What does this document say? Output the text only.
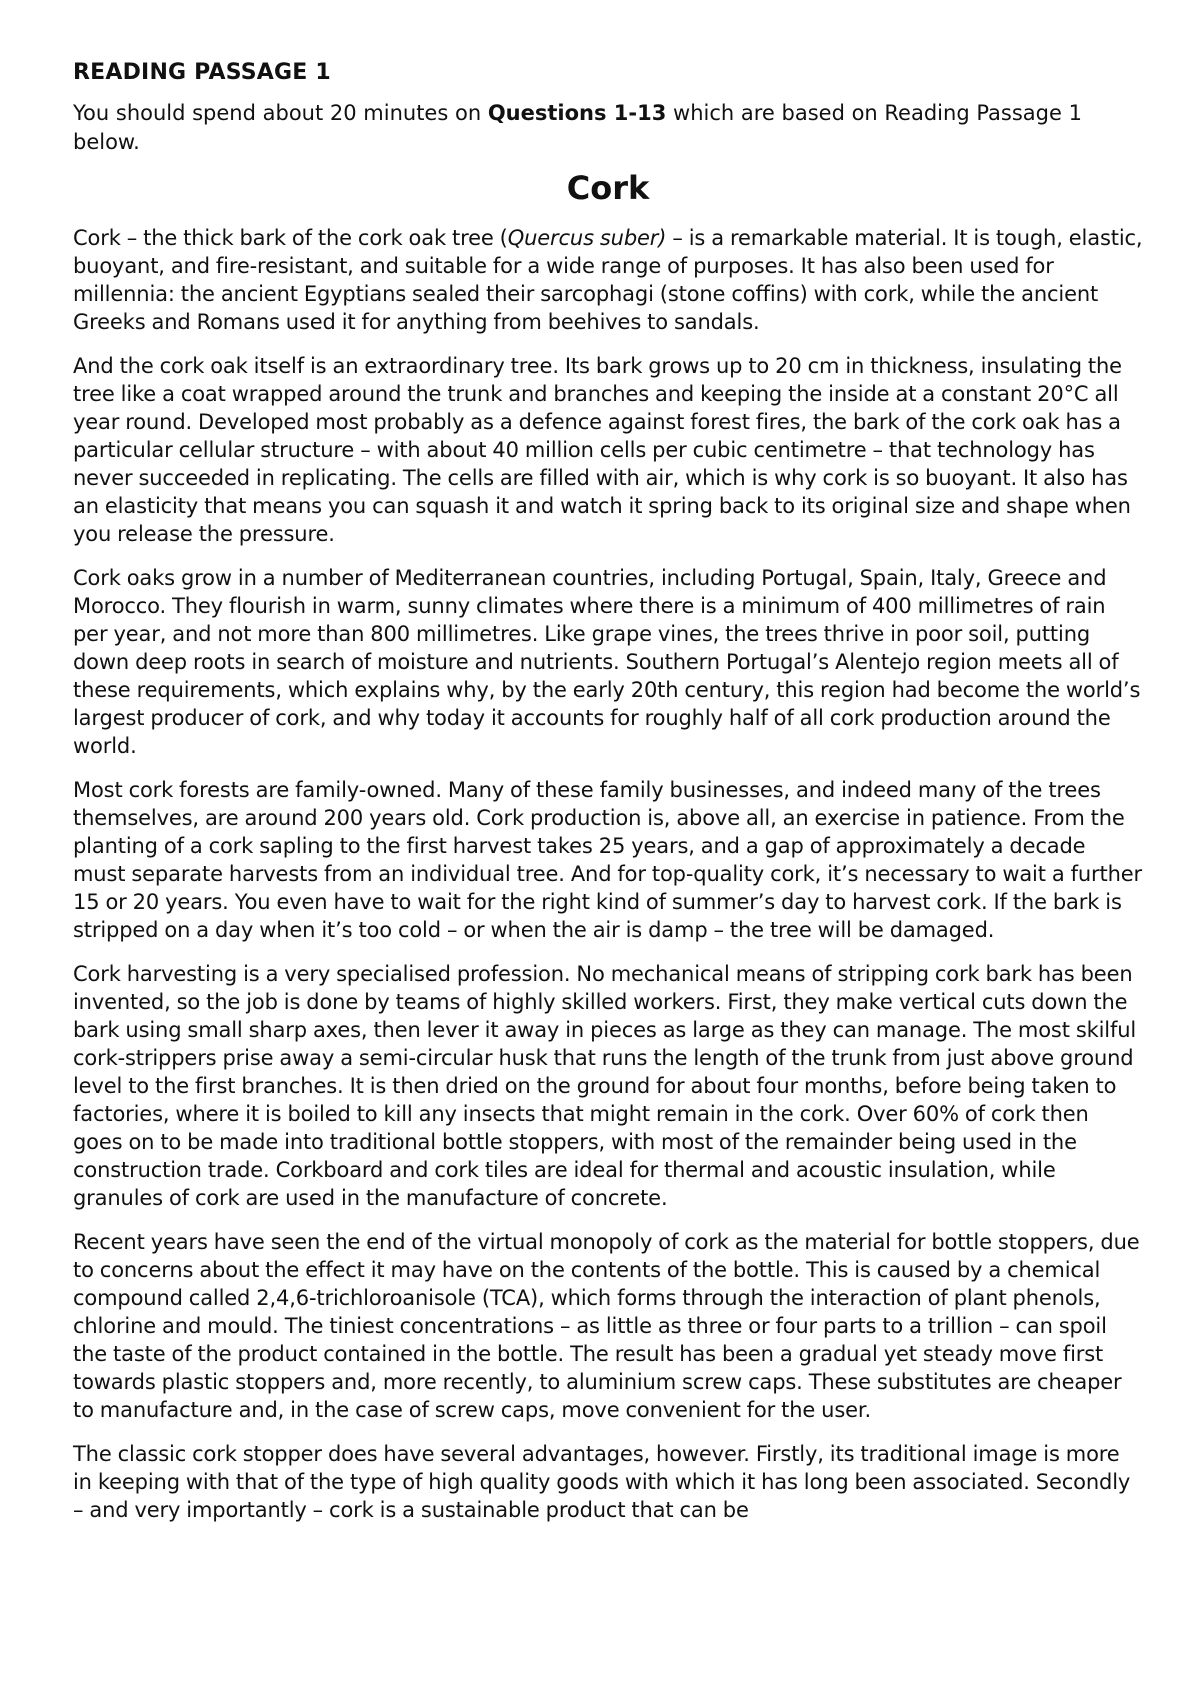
READING PASSAGE 1

You should spend about 20 minutes on Questions 1-13 which are based on Reading Passage 1 below.

Cork

Cork – the thick bark of the cork oak tree (Quercus suber) – is a remarkable material. It is tough, elastic, buoyant, and fire-resistant, and suitable for a wide range of purposes. It has also been used for millennia: the ancient Egyptians sealed their sarcophagi (stone coffins) with cork, while the ancient Greeks and Romans used it for anything from beehives to sandals.

And the cork oak itself is an extraordinary tree. Its bark grows up to 20 cm in thickness, insulating the tree like a coat wrapped around the trunk and branches and keeping the inside at a constant 20°C all year round. Developed most probably as a defence against forest fires, the bark of the cork oak has a particular cellular structure – with about 40 million cells per cubic centimetre – that technology has never succeeded in replicating. The cells are filled with air, which is why cork is so buoyant. It also has an elasticity that means you can squash it and watch it spring back to its original size and shape when you release the pressure.

Cork oaks grow in a number of Mediterranean countries, including Portugal, Spain, Italy, Greece and Morocco. They flourish in warm, sunny climates where there is a minimum of 400 millimetres of rain per year, and not more than 800 millimetres. Like grape vines, the trees thrive in poor soil, putting down deep roots in search of moisture and nutrients. Southern Portugal’s Alentejo region meets all of these requirements, which explains why, by the early 20th century, this region had become the world’s largest producer of cork, and why today it accounts for roughly half of all cork production around the world.

Most cork forests are family-owned. Many of these family businesses, and indeed many of the trees themselves, are around 200 years old. Cork production is, above all, an exercise in patience. From the planting of a cork sapling to the first harvest takes 25 years, and a gap of approximately a decade must separate harvests from an individual tree. And for top-quality cork, it’s necessary to wait a further 15 or 20 years. You even have to wait for the right kind of summer’s day to harvest cork. If the bark is stripped on a day when it’s too cold – or when the air is damp – the tree will be damaged.

Cork harvesting is a very specialised profession. No mechanical means of stripping cork bark has been invented, so the job is done by teams of highly skilled workers. First, they make vertical cuts down the bark using small sharp axes, then lever it away in pieces as large as they can manage. The most skilful cork-strippers prise away a semi-circular husk that runs the length of the trunk from just above ground level to the first branches. It is then dried on the ground for about four months, before being taken to factories, where it is boiled to kill any insects that might remain in the cork. Over 60% of cork then goes on to be made into traditional bottle stoppers, with most of the remainder being used in the construction trade. Corkboard and cork tiles are ideal for thermal and acoustic insulation, while granules of cork are used in the manufacture of concrete.

Recent years have seen the end of the virtual monopoly of cork as the material for bottle stoppers, due to concerns about the effect it may have on the contents of the bottle. This is caused by a chemical compound called 2,4,6-trichloroanisole (TCA), which forms through the interaction of plant phenols, chlorine and mould. The tiniest concentrations – as little as three or four parts to a trillion – can spoil the taste of the product contained in the bottle. The result has been a gradual yet steady move first towards plastic stoppers and, more recently, to aluminium screw caps. These substitutes are cheaper to manufacture and, in the case of screw caps, move convenient for the user.

The classic cork stopper does have several advantages, however. Firstly, its traditional image is more in keeping with that of the type of high quality goods with which it has long been associated. Secondly – and very importantly – cork is a sustainable product that can be
